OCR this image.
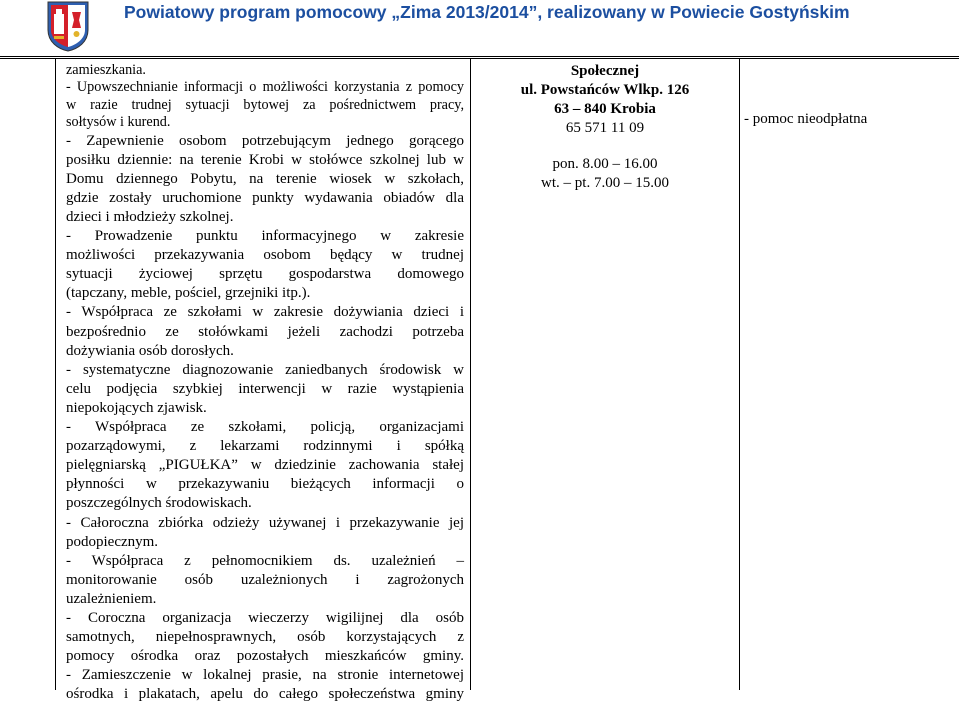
Powiatowy program pomocowy „Zima 2013/2014”, realizowany w Powiecie Gostyńskim
zamieszkania.
- Upowszechnianie informacji o możliwości korzystania z pomocy
w razie trudnej sytuacji bytowej za pośrednictwem pracy,
sołtysów i kurend.
- Zapewnienie osobom potrzebującym jednego gorącego
posiłku dziennie: na terenie Krobi w stołówce szkolnej lub w
Domu dziennego Pobytu, na terenie wiosek w szkołach,
gdzie zostały uruchomione punkty wydawania obiadów dla
dzieci i młodzieży szkolnej.
- Prowadzenie punktu informacyjnego w zakresie
możliwości przekazywania osobom będący w trudnej
sytuacji życiowej sprzętu gospodarstwa domowego
(tapczany, meble, pościel, grzejniki itp.).
- Współpraca ze szkołami w zakresie dożywiania dzieci i
bezpośrednio ze stołówkami jeżeli zachodzi potrzeba
dożywiania osób dorosłych.
- systematyczne diagnozowanie zaniedbanych środowisk w
celu podjęcia szybkiej interwencji w razie wystąpienia
niepokojących zjawisk.
- Współpraca ze szkołami, policją, organizacjami
pozarządowymi, z lekarzami rodzinnymi i spółką
pielęgniarską „PIGUŁKA” w dziedzinie zachowania stałej
płynności w przekazywaniu bieżących informacji o
poszczególnych środowiskach.
- Całoroczna zbiórka odzieży używanej i przekazywanie jej
podopiecznym.
- Współpraca z pełnomocnikiem ds. uzależnień –
monitorowanie osób uzależnionych i zagrożonych
uzależnieniem.
- Coroczna organizacja wieczerzy wigilijnej dla osób
samotnych, niepełnosprawnych, osób korzystających z
pomocy ośrodka oraz pozostałych mieszkańców gminy.
- Zamieszczenie w lokalnej prasie, na stronie internetowej
ośrodka i plakatach, apelu do całego społeczeństwa gminy
Społecznej
ul. Powstańców Wlkp. 126
63 – 840 Krobia
65 571 11 09
pon. 8.00 – 16.00
wt. – pt. 7.00 – 15.00
- pomoc nieodpłatna
